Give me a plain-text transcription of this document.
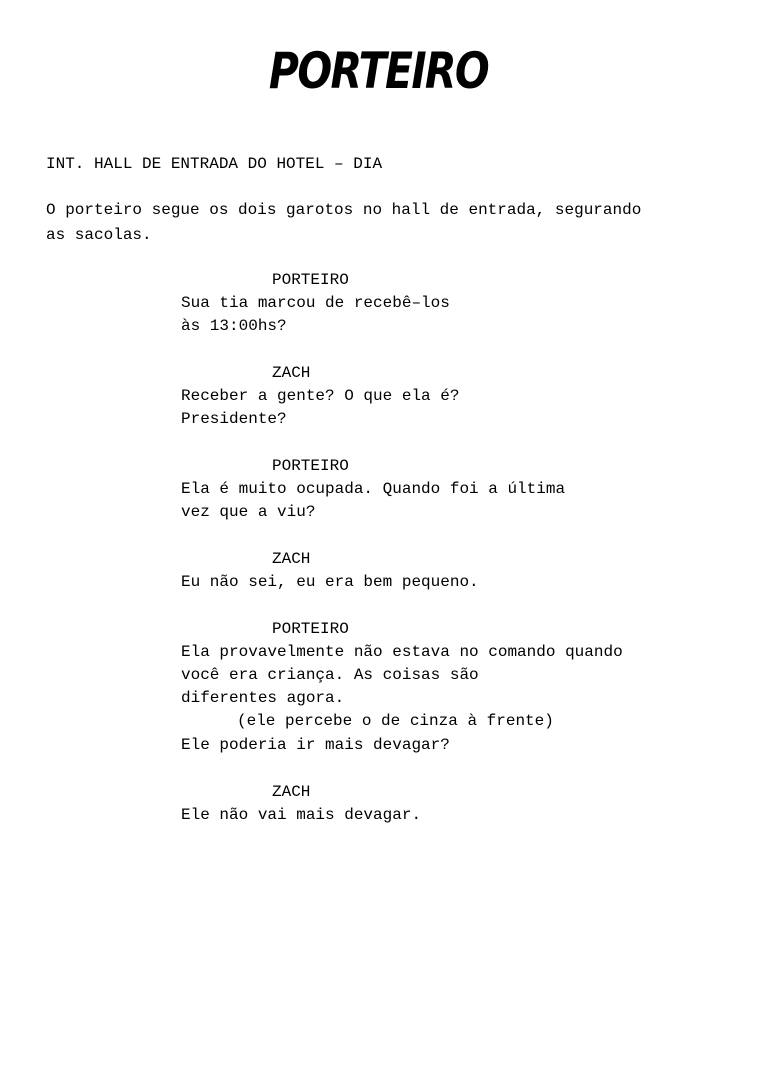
PORTEIRO
INT. HALL DE ENTRADA DO HOTEL – DIA
O porteiro segue os dois garotos no hall de entrada, segurando
as sacolas.
PORTEIRO
Sua tia marcou de recebê–los
às 13:00hs?
ZACH
Receber a gente? O que ela é?
Presidente?
PORTEIRO
Ela é muito ocupada. Quando foi a última
vez que a viu?
ZACH
Eu não sei, eu era bem pequeno.
PORTEIRO
Ela provavelmente não estava no comando quando
você era criança. As coisas são
diferentes agora.
(ele percebe o de cinza à frente)
Ele poderia ir mais devagar?
ZACH
Ele não vai mais devagar.
